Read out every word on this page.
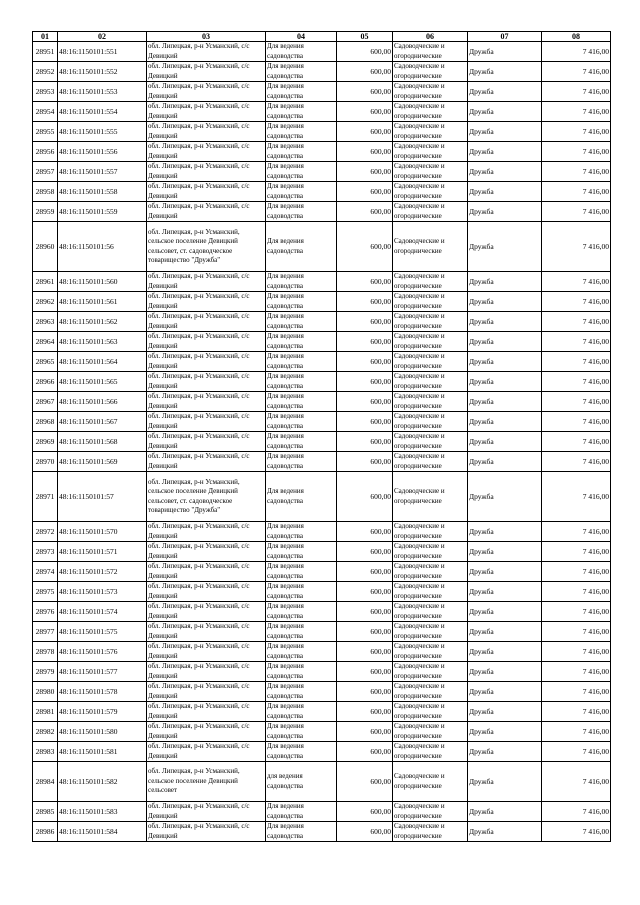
01	02	03	04	05	06	07	08
28951	48:16:1150101:551	обл. Липецкая, р-н Усманский, с/с Девицкий	Для ведения садоводства	600,00	Садоводческие и огороднические	Дружба	7 416,00
28952	48:16:1150101:552	обл. Липецкая, р-н Усманский, с/с Девицкий	Для ведения садоводства	600,00	Садоводческие и огороднические	Дружба	7 416,00
28953	48:16:1150101:553	обл. Липецкая, р-н Усманский, с/с Девицкий	Для ведения садоводства	600,00	Садоводческие и огороднические	Дружба	7 416,00
28954	48:16:1150101:554	обл. Липецкая, р-н Усманский, с/с Девицкий	Для ведения садоводства	600,00	Садоводческие и огороднические	Дружба	7 416,00
28955	48:16:1150101:555	обл. Липецкая, р-н Усманский, с/с Девицкий	Для ведения садоводства	600,00	Садоводческие и огороднические	Дружба	7 416,00
28956	48:16:1150101:556	обл. Липецкая, р-н Усманский, с/с Девицкий	Для ведения садоводства	600,00	Садоводческие и огороднические	Дружба	7 416,00
28957	48:16:1150101:557	обл. Липецкая, р-н Усманский, с/с Девицкий	Для ведения садоводства	600,00	Садоводческие и огороднические	Дружба	7 416,00
28958	48:16:1150101:558	обл. Липецкая, р-н Усманский, с/с Девицкий	Для ведения садоводства	600,00	Садоводческие и огороднические	Дружба	7 416,00
28959	48:16:1150101:559	обл. Липецкая, р-н Усманский, с/с Девицкий	Для ведения садоводства	600,00	Садоводческие и огороднические	Дружба	7 416,00
28960	48:16:1150101:56	обл. Липецкая, р-н Усманский, сельское поселение Девицкий сельсовет, ст. садоводческое товарищество "Дружба"	Для ведения садоводства	600,00	Садоводческие и огороднические	Дружба	7 416,00
28961	48:16:1150101:560	обл. Липецкая, р-н Усманский, с/с Девицкий	Для ведения садоводства	600,00	Садоводческие и огороднические	Дружба	7 416,00
28962	48:16:1150101:561	обл. Липецкая, р-н Усманский, с/с Девицкий	Для ведения садоводства	600,00	Садоводческие и огороднические	Дружба	7 416,00
28963	48:16:1150101:562	обл. Липецкая, р-н Усманский, с/с Девицкий	Для ведения садоводства	600,00	Садоводческие и огороднические	Дружба	7 416,00
28964	48:16:1150101:563	обл. Липецкая, р-н Усманский, с/с Девицкий	Для ведения садоводства	600,00	Садоводческие и огороднические	Дружба	7 416,00
28965	48:16:1150101:564	обл. Липецкая, р-н Усманский, с/с Девицкий	Для ведения садоводства	600,00	Садоводческие и огороднические	Дружба	7 416,00
28966	48:16:1150101:565	обл. Липецкая, р-н Усманский, с/с Девицкий	Для ведения садоводства	600,00	Садоводческие и огороднические	Дружба	7 416,00
28967	48:16:1150101:566	обл. Липецкая, р-н Усманский, с/с Девицкий	Для ведения садоводства	600,00	Садоводческие и огороднические	Дружба	7 416,00
28968	48:16:1150101:567	обл. Липецкая, р-н Усманский, с/с Девицкий	Для ведения садоводства	600,00	Садоводческие и огороднические	Дружба	7 416,00
28969	48:16:1150101:568	обл. Липецкая, р-н Усманский, с/с Девицкий	Для ведения садоводства	600,00	Садоводческие и огороднические	Дружба	7 416,00
28970	48:16:1150101:569	обл. Липецкая, р-н Усманский, с/с Девицкий	Для ведения садоводства	600,00	Садоводческие и огороднические	Дружба	7 416,00
28971	48:16:1150101:57	обл. Липецкая, р-н Усманский, сельское поселение Девицкий сельсовет, ст. садоводческое товарищество "Дружба"	Для ведения садоводства	600,00	Садоводческие и огороднические	Дружба	7 416,00
28972	48:16:1150101:570	обл. Липецкая, р-н Усманский, с/с Девицкий	Для ведения садоводства	600,00	Садоводческие и огороднические	Дружба	7 416,00
28973	48:16:1150101:571	обл. Липецкая, р-н Усманский, с/с Девицкий	Для ведения садоводства	600,00	Садоводческие и огороднические	Дружба	7 416,00
28974	48:16:1150101:572	обл. Липецкая, р-н Усманский, с/с Девицкий	Для ведения садоводства	600,00	Садоводческие и огороднические	Дружба	7 416,00
28975	48:16:1150101:573	обл. Липецкая, р-н Усманский, с/с Девицкий	Для ведения садоводства	600,00	Садоводческие и огороднические	Дружба	7 416,00
28976	48:16:1150101:574	обл. Липецкая, р-н Усманский, с/с Девицкий	Для ведения садоводства	600,00	Садоводческие и огороднические	Дружба	7 416,00
28977	48:16:1150101:575	обл. Липецкая, р-н Усманский, с/с Девицкий	Для ведения садоводства	600,00	Садоводческие и огороднические	Дружба	7 416,00
28978	48:16:1150101:576	обл. Липецкая, р-н Усманский, с/с Девицкий	Для ведения садоводства	600,00	Садоводческие и огороднические	Дружба	7 416,00
28979	48:16:1150101:577	обл. Липецкая, р-н Усманский, с/с Девицкий	Для ведения садоводства	600,00	Садоводческие и огороднические	Дружба	7 416,00
28980	48:16:1150101:578	обл. Липецкая, р-н Усманский, с/с Девицкий	Для ведения садоводства	600,00	Садоводческие и огороднические	Дружба	7 416,00
28981	48:16:1150101:579	обл. Липецкая, р-н Усманский, с/с Девицкий	Для ведения садоводства	600,00	Садоводческие и огороднические	Дружба	7 416,00
28982	48:16:1150101:580	обл. Липецкая, р-н Усманский, с/с Девицкий	Для ведения садоводства	600,00	Садоводческие и огороднические	Дружба	7 416,00
28983	48:16:1150101:581	обл. Липецкая, р-н Усманский, с/с Девицкий	Для ведения садоводства	600,00	Садоводческие и огороднические	Дружба	7 416,00
28984	48:16:1150101:582	обл. Липецкая, р-н Усманский, сельское поселение Девицкий сельсовет	для ведения садоводства	600,00	Садоводческие и огороднические	Дружба	7 416,00
28985	48:16:1150101:583	обл. Липецкая, р-н Усманский, с/с Девицкий	Для ведения садоводства	600,00	Садоводческие и огороднические	Дружба	7 416,00
28986	48:16:1150101:584	обл. Липецкая, р-н Усманский, с/с Девицкий	Для ведения садоводства	600,00	Садоводческие и огороднические	Дружба	7 416,00
